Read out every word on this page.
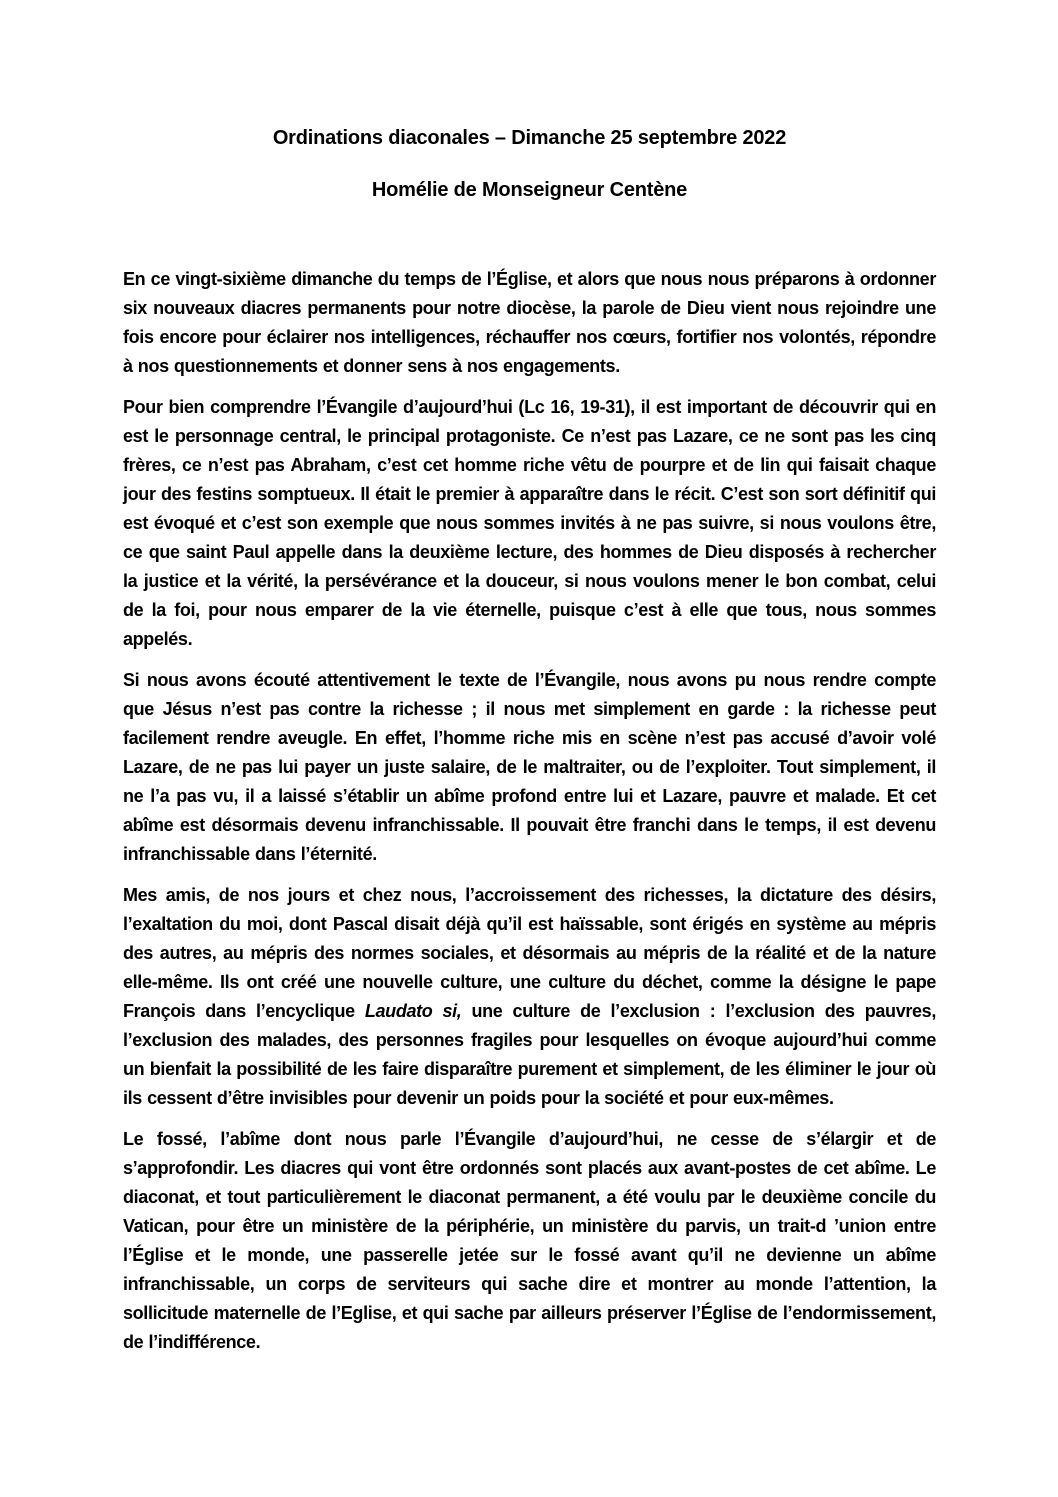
Ordinations diaconales – Dimanche 25 septembre 2022
Homélie de Monseigneur Centène

En ce vingt-sixième dimanche du temps de l’Église, et alors que nous nous préparons à ordonner six nouveaux diacres permanents pour notre diocèse, la parole de Dieu vient nous rejoindre une fois encore pour éclairer nos intelligences, réchauffer nos cœurs, fortifier nos volontés, répondre à nos questionnements et donner sens à nos engagements.

Pour bien comprendre l’Évangile d’aujourd’hui (Lc 16, 19-31), il est important de découvrir qui en est le personnage central, le principal protagoniste. Ce n’est pas Lazare, ce ne sont pas les cinq frères, ce n’est pas Abraham, c’est cet homme riche vêtu de pourpre et de lin qui faisait chaque jour des festins somptueux. Il était le premier à apparaître dans le récit. C’est son sort définitif qui est évoqué et c’est son exemple que nous sommes invités à ne pas suivre, si nous voulons être, ce que saint Paul appelle dans la deuxième lecture, des hommes de Dieu disposés à rechercher la justice et la vérité, la persévérance et la douceur, si nous voulons mener le bon combat, celui de la foi, pour nous emparer de la vie éternelle, puisque c’est à elle que tous, nous sommes appelés.

Si nous avons écouté attentivement le texte de l’Évangile, nous avons pu nous rendre compte que Jésus n’est pas contre la richesse ; il nous met simplement en garde : la richesse peut facilement rendre aveugle. En effet, l’homme riche mis en scène n’est pas accusé d’avoir volé Lazare, de ne pas lui payer un juste salaire, de le maltraiter, ou de l’exploiter. Tout simplement, il ne l’a pas vu, il a laissé s’établir un abîme profond entre lui et Lazare, pauvre et malade. Et cet abîme est désormais devenu infranchissable. Il pouvait être franchi dans le temps, il est devenu infranchissable dans l’éternité.

Mes amis, de nos jours et chez nous, l’accroissement des richesses, la dictature des désirs, l’exaltation du moi, dont Pascal disait déjà qu’il est haïssable, sont érigés en système au mépris des autres, au mépris des normes sociales, et désormais au mépris de la réalité et de la nature elle-même. Ils ont créé une nouvelle culture, une culture du déchet, comme la désigne le pape François dans l’encyclique Laudato si, une culture de l’exclusion : l’exclusion des pauvres, l’exclusion des malades, des personnes fragiles pour lesquelles on évoque aujourd’hui comme un bienfait la possibilité de les faire disparaître purement et simplement, de les éliminer le jour où ils cessent d’être invisibles pour devenir un poids pour la société et pour eux-mêmes.

Le fossé, l’abîme dont nous parle l’Évangile d’aujourd’hui, ne cesse de s’élargir et de s’approfondir. Les diacres qui vont être ordonnés sont placés aux avant-postes de cet abîme. Le diaconat, et tout particulièrement le diaconat permanent, a été voulu par le deuxième concile du Vatican, pour être un ministère de la périphérie, un ministère du parvis, un trait-d ’union entre l’Église et le monde, une passerelle jetée sur le fossé avant qu’il ne devienne un abîme infranchissable, un corps de serviteurs qui sache dire et montrer au monde l’attention, la sollicitude maternelle de l’Eglise, et qui sache par ailleurs préserver l’Église de l’endormissement, de l’indifférence.
